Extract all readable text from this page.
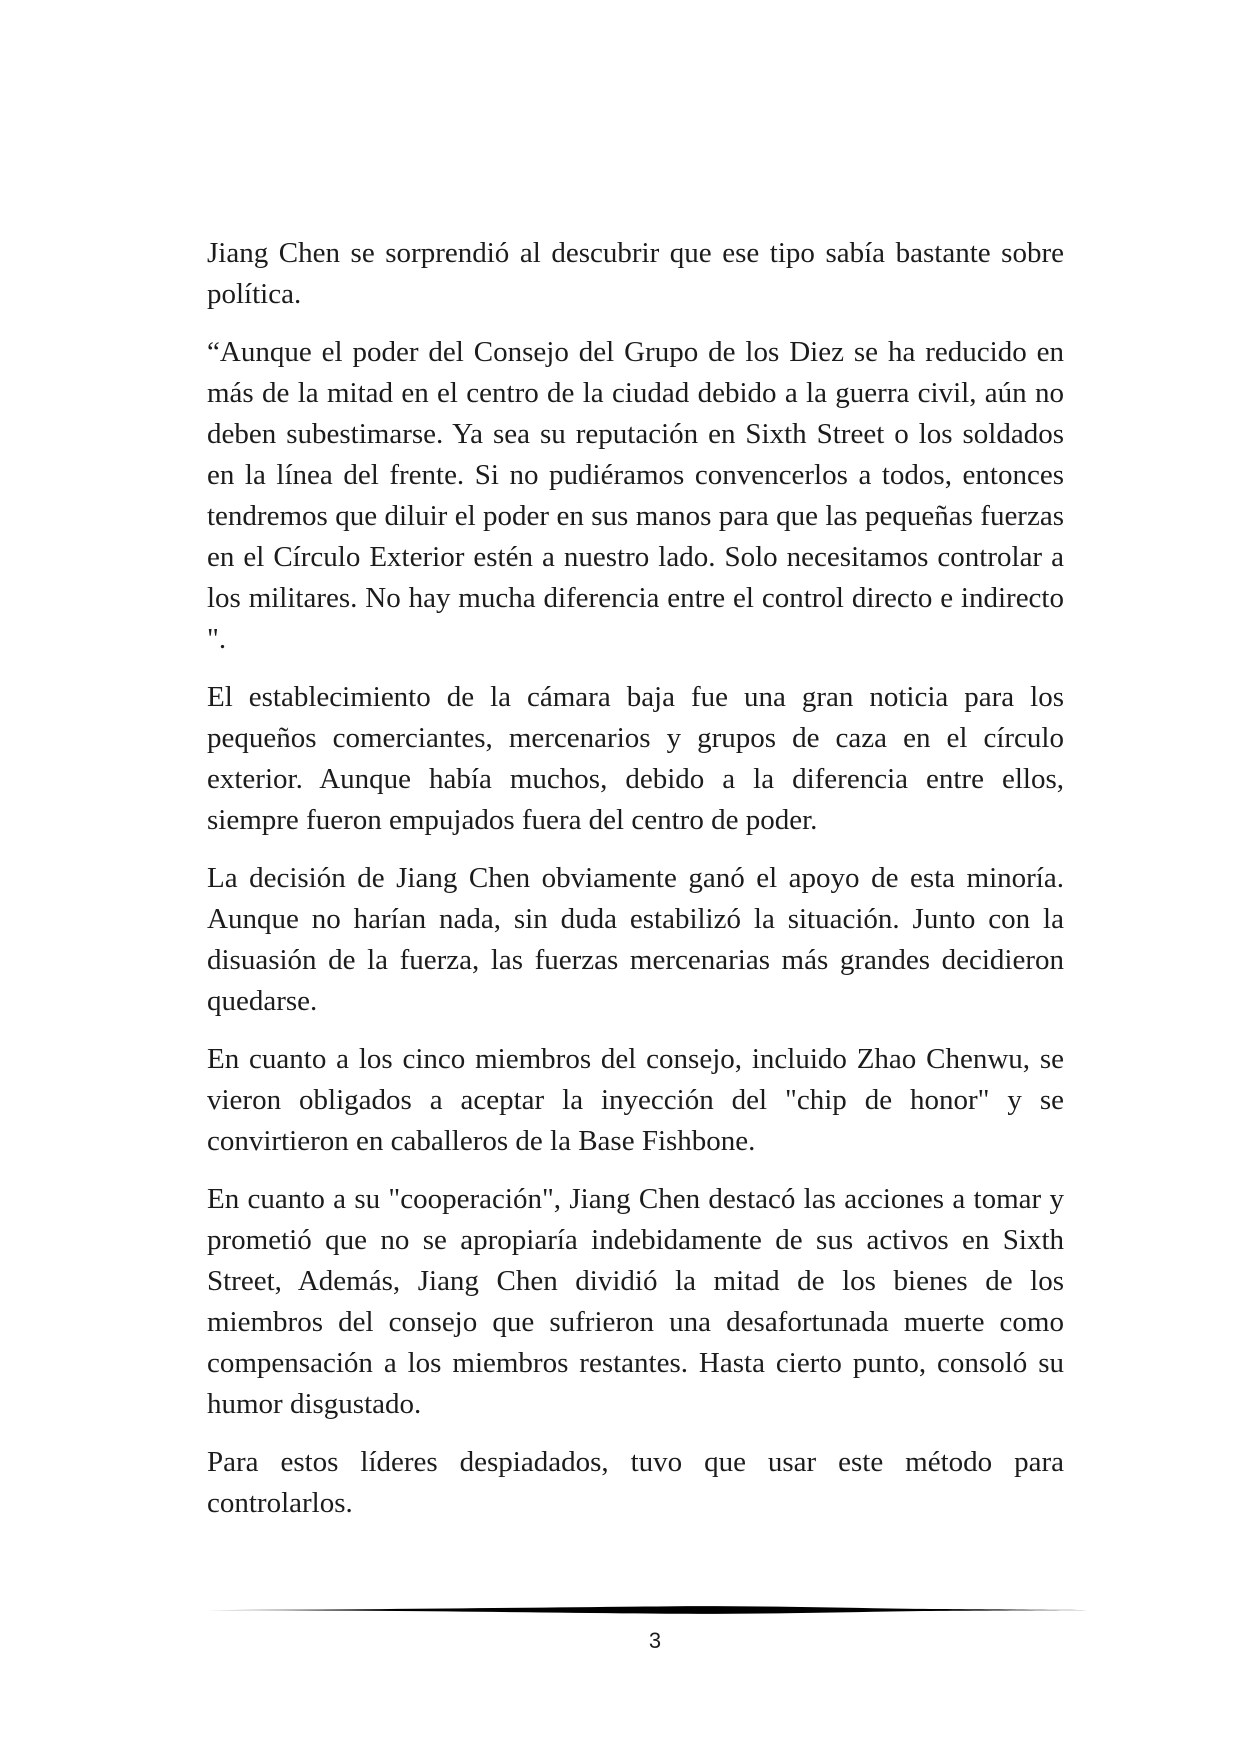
Jiang Chen se sorprendió al descubrir que ese tipo sabía bastante sobre política.

“Aunque el poder del Consejo del Grupo de los Diez se ha reducido en más de la mitad en el centro de la ciudad debido a la guerra civil, aún no deben subestimarse. Ya sea su reputación en Sixth Street o los soldados en la línea del frente. Si no pudiéramos convencerlos a todos, entonces tendremos que diluir el poder en sus manos para que las pequeñas fuerzas en el Círculo Exterior estén a nuestro lado. Solo necesitamos controlar a los militares. No hay mucha diferencia entre el control directo e indirecto ".

El establecimiento de la cámara baja fue una gran noticia para los pequeños comerciantes, mercenarios y grupos de caza en el círculo exterior. Aunque había muchos, debido a la diferencia entre ellos, siempre fueron empujados fuera del centro de poder.

La decisión de Jiang Chen obviamente ganó el apoyo de esta minoría. Aunque no harían nada, sin duda estabilizó la situación. Junto con la disuasión de la fuerza, las fuerzas mercenarias más grandes decidieron quedarse.

En cuanto a los cinco miembros del consejo, incluido Zhao Chenwu, se vieron obligados a aceptar la inyección del "chip de honor" y se convirtieron en caballeros de la Base Fishbone.

En cuanto a su "cooperación", Jiang Chen destacó las acciones a tomar y prometió que no se apropiaría indebidamente de sus activos en Sixth Street, Además, Jiang Chen dividió la mitad de los bienes de los miembros del consejo que sufrieron una desafortunada muerte como compensación a los miembros restantes. Hasta cierto punto, consoló su humor disgustado.

Para estos líderes despiadados, tuvo que usar este método para controlarlos.

3
